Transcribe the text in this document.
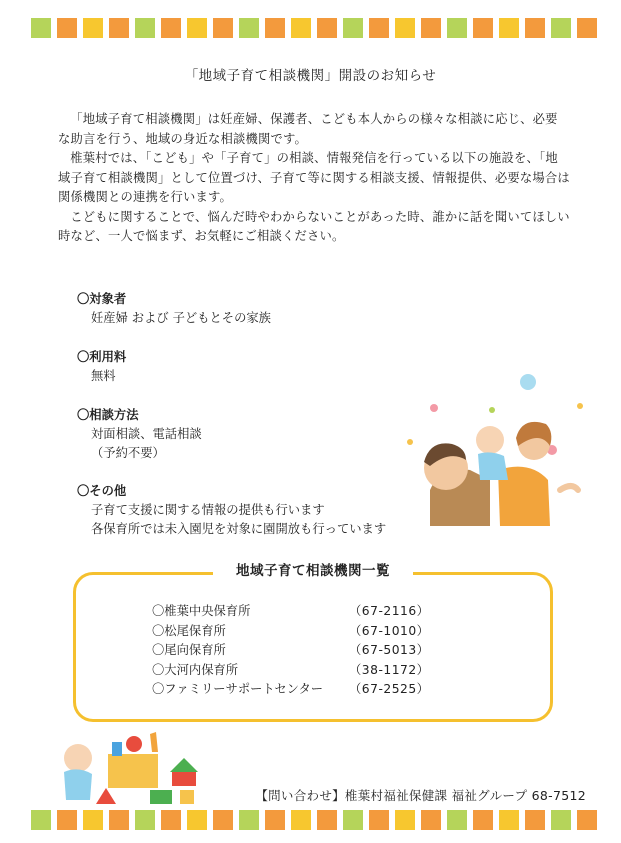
「地域子育て相談機関」開設のお知らせ

「地域子育て相談機関」は妊産婦、保護者、こども本人からの様々な相談に応じ、必要な助言を行う、地域の身近な相談機関です。

椎葉村では、「こども」や「子育て」の相談、情報発信を行っている以下の施設を、「地域子育て相談機関」として位置づけ、子育て等に関する相談支援、情報提供、必要な場合は関係機関との連携を行います。

こどもに関することで、悩んだ時やわからないことがあった時、誰かに話を聞いてほしい時など、一人で悩まず、お気軽にご相談ください。

〇対象者
妊産婦 および 子どもとその家族
〇利用料
無料
〇相談方法
対面相談、電話相談
（予約不要）
〇その他
子育て支援に関する情報の提供も行います
各保育所では未入園児を対象に園開放も行っています
地域子育て相談機関一覧
〇椎葉中央保育所	（67-2116）
〇松尾保育所	（67-1010）
〇尾向保育所	（67-5013）
〇大河内保育所	（38-1172）
〇ファミリーサポートセンター （67-2525）
【問い合わせ】椎葉村福祉保健課 福祉グループ 68-7512
